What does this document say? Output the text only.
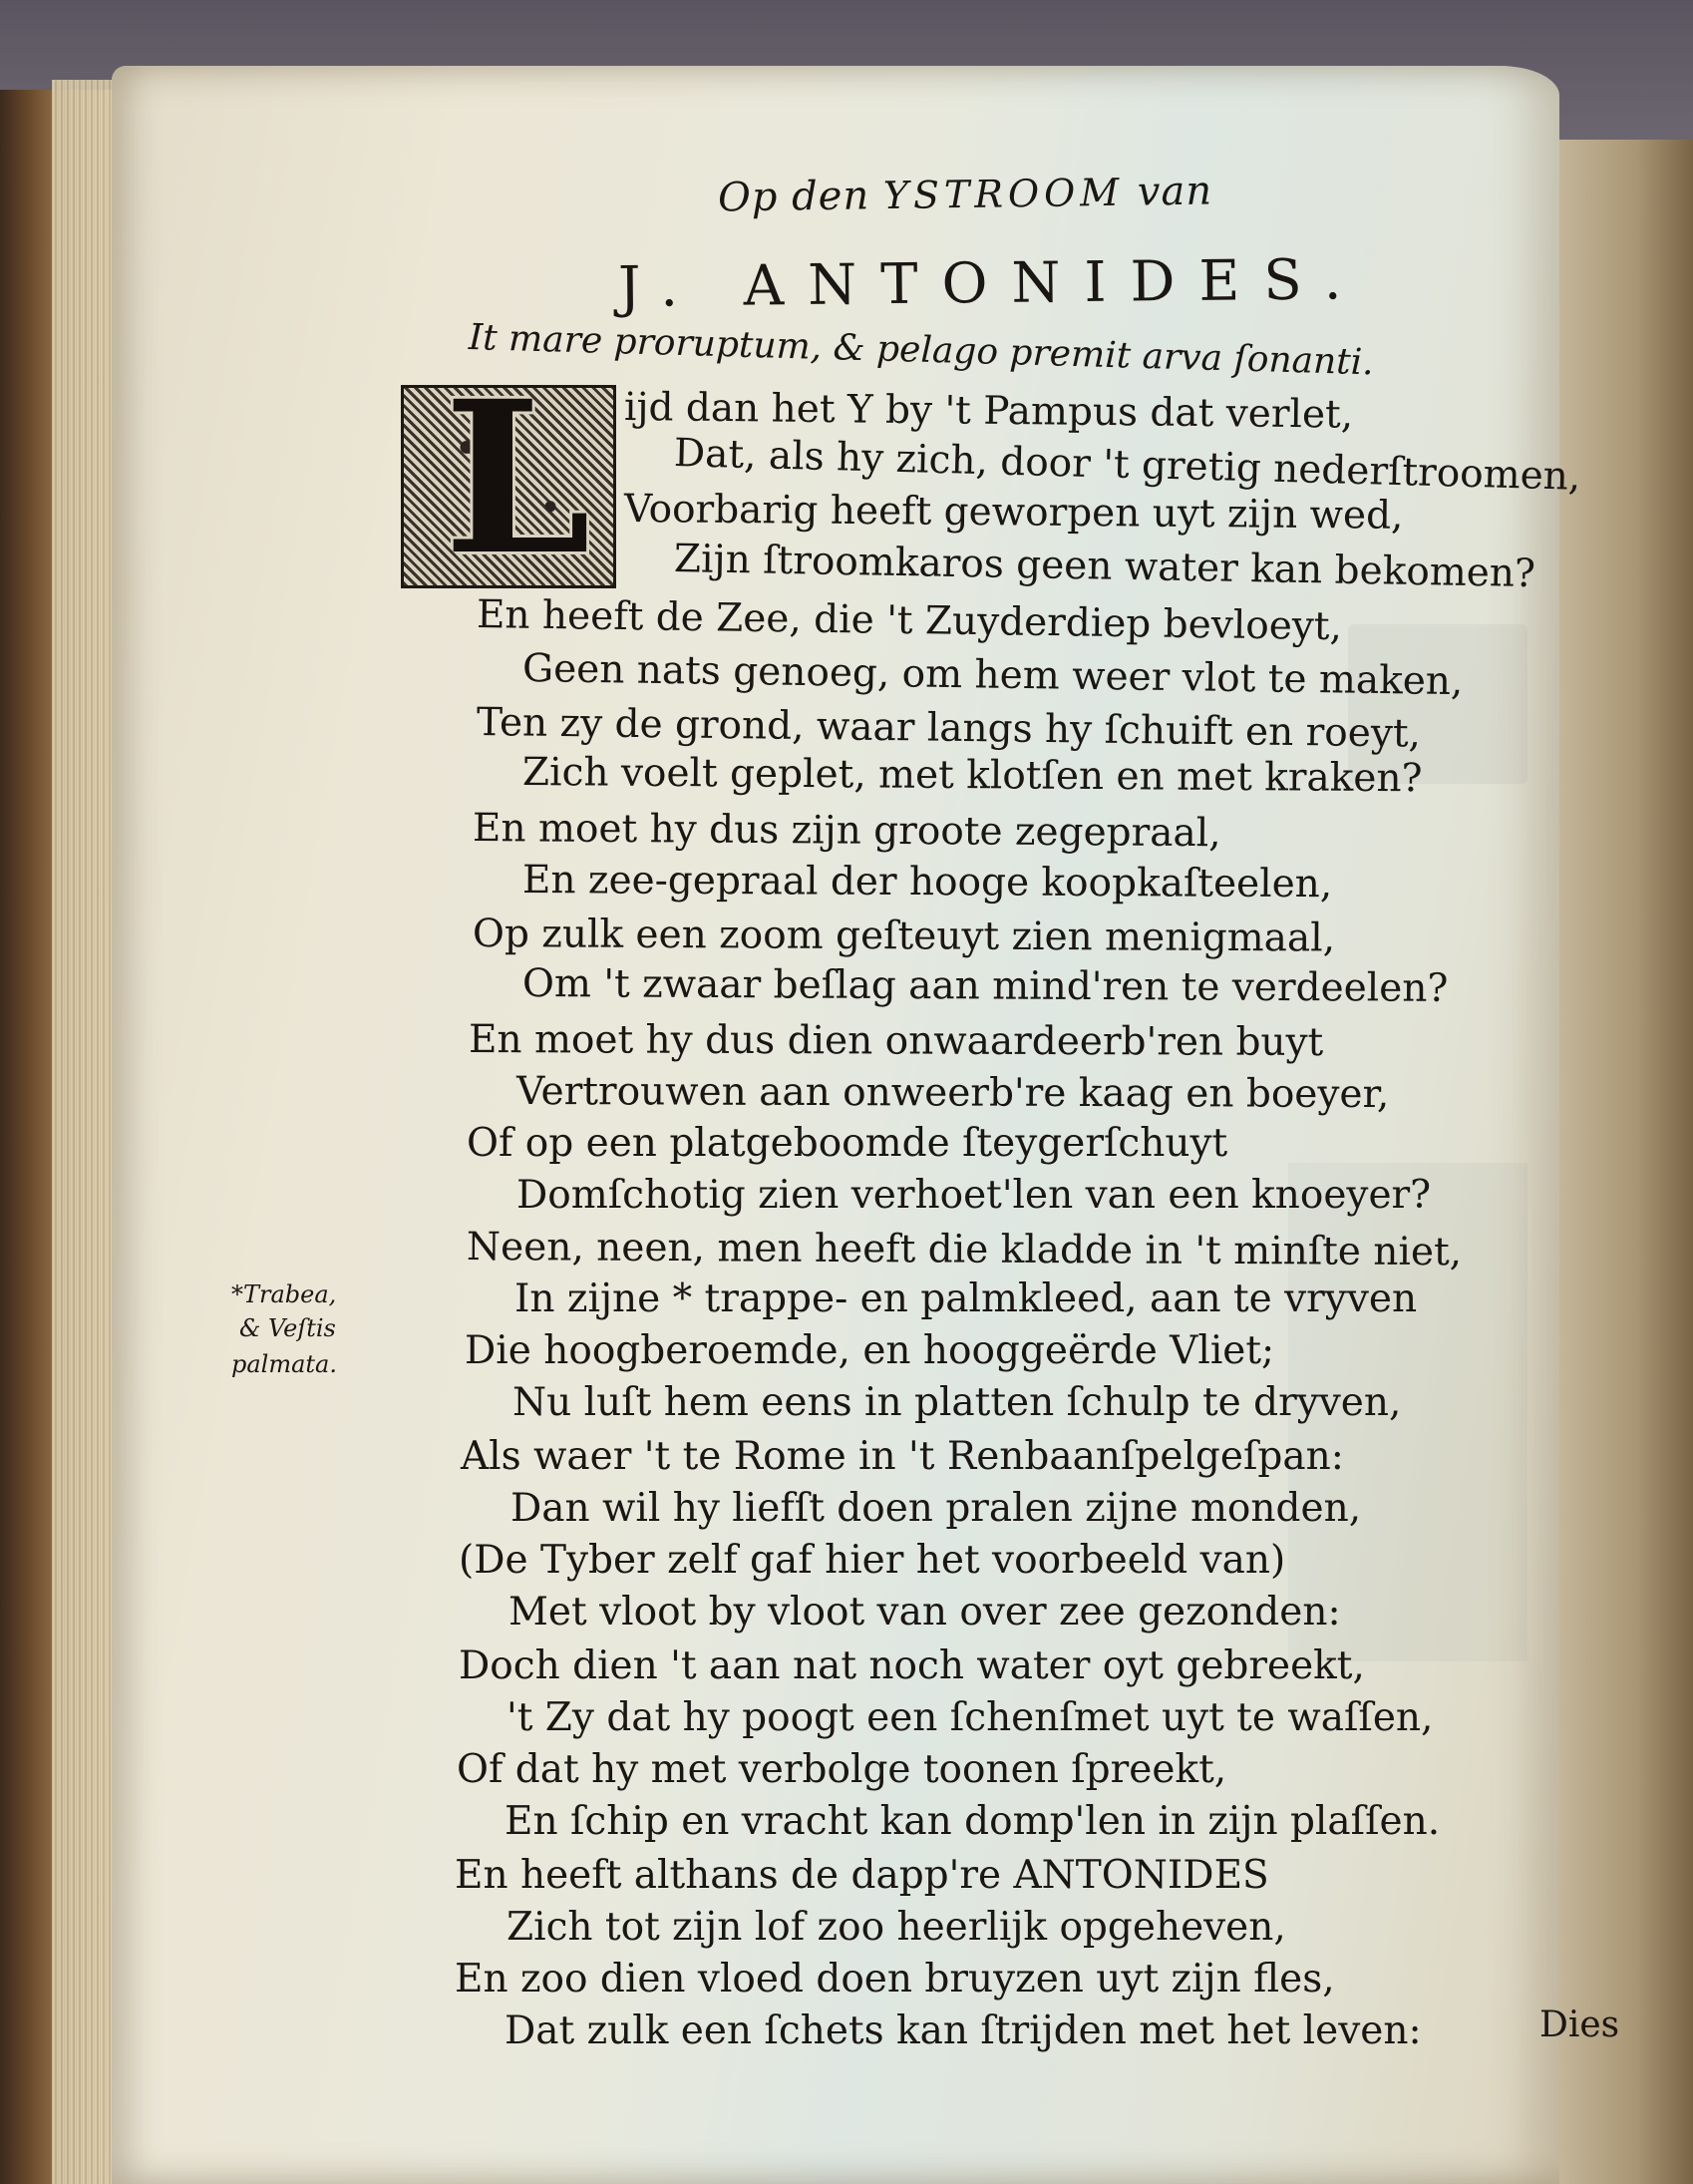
Op den YSTROOM van
J. ANTONIDES.
It mare proruptum, & pelago premit arva ſonanti.
L ijd dan het Y by 't Pampus dat verlet,
Dat, als hy zich, door 't gretig nederſtroomen,
Voorbarig heeft geworpen uyt zijn wed,
Zijn ſtroomkaros geen water kan bekomen?
En heeft de Zee, die 't Zuyderdiep bevloeyt,
Geen nats genoeg, om hem weer vlot te maken,
Ten zy de grond, waar langs hy ſchuift en roeyt,
Zich voelt geplet, met klotſen en met kraken?
En moet hy dus zijn groote zegepraal,
En zee-gepraal der hooge koopkaſteelen,
Op zulk een zoom geſteuyt zien menigmaal,
Om 't zwaar beſlag aan mind'ren te verdeelen?
En moet hy dus dien onwaardeerb'ren buyt
Vertrouwen aan onweerb're kaag en boeyer,
Of op een platgeboomde ſteygerſchuyt
Domſchotig zien verhoet'len van een knoeyer?
Neen, neen, men heeft die kladde in 't minſte niet,
In zijne * trappe- en palmkleed, aan te vryven
Die hoogberoemde, en hooggeërde Vliet;
Nu luſt hem eens in platten ſchulp te dryven,
Als waer 't te Rome in 't Renbaanſpelgeſpan:
Dan wil hy liefſt doen pralen zijne monden,
(De Tyber zelf gaf hier het voorbeeld van)
Met vloot by vloot van over zee gezonden:
Doch dien 't aan nat noch water oyt gebreekt,
't Zy dat hy poogt een ſchenſmet uyt te waſſen,
Of dat hy met verbolge toonen ſpreekt,
En ſchip en vracht kan domp'len in zijn plaſſen.
En heeft althans de dapp're ANTONIDES
Zich tot zijn lof zoo heerlijk opgeheven,
En zoo dien vloed doen bruyzen uyt zijn fles,
Dat zulk een ſchets kan ſtrijden met het leven:
*Trabea,
& Veſtis
palmata.
Dies
